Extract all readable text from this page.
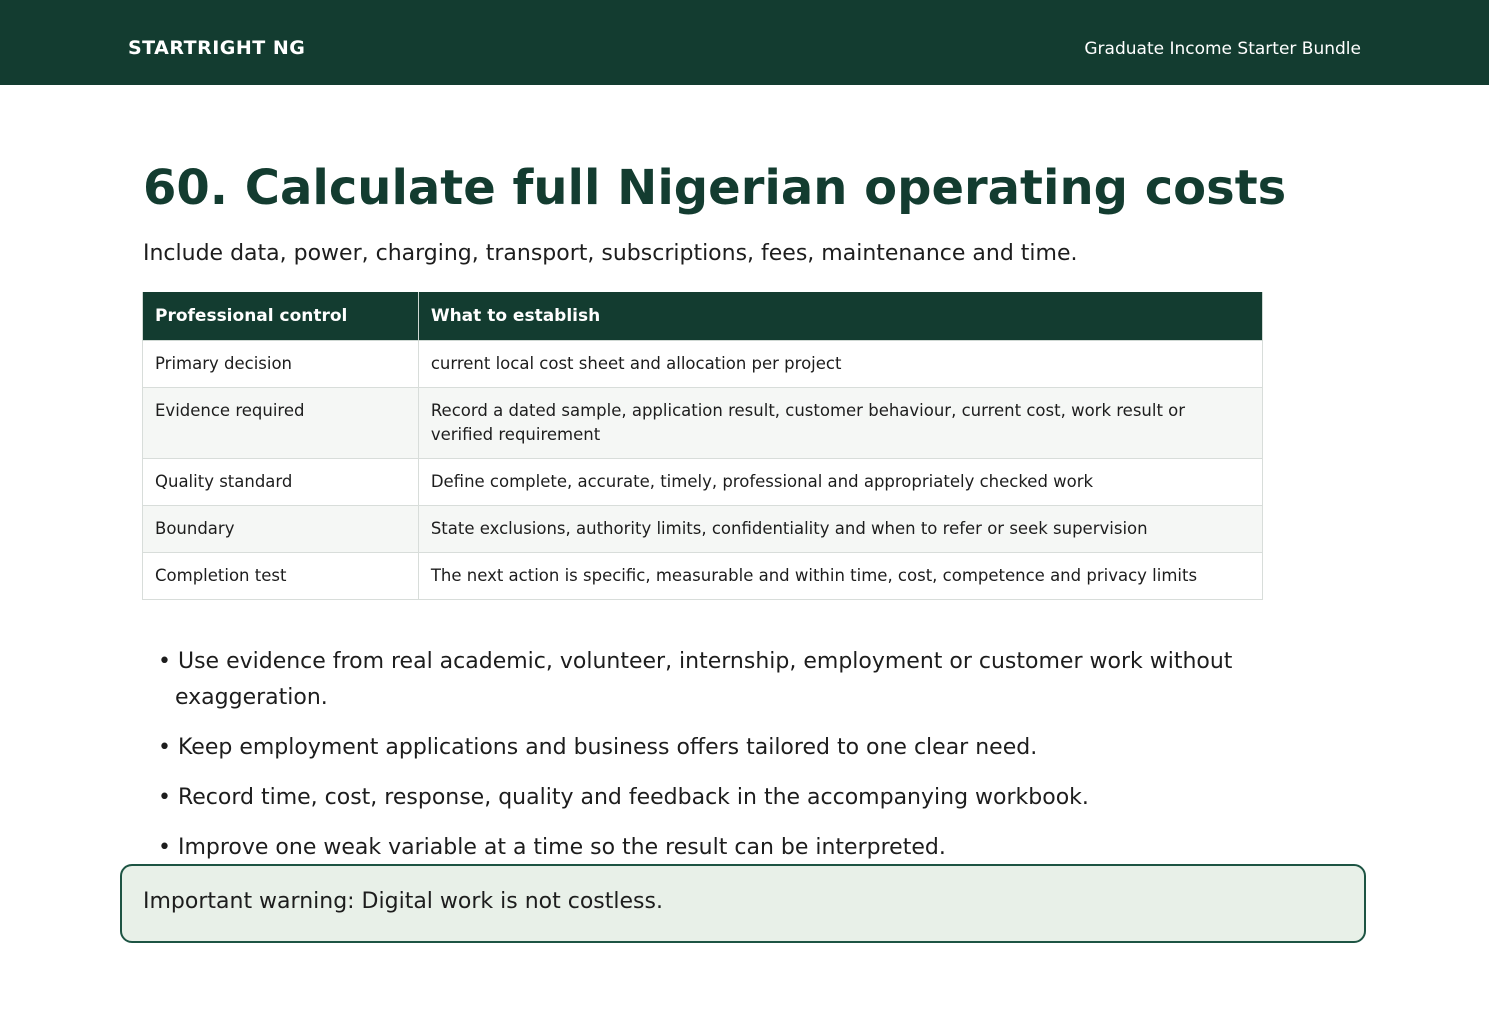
STARTRIGHT NG	Graduate Income Starter Bundle
60. Calculate full Nigerian operating costs
Include data, power, charging, transport, subscriptions, fees, maintenance and time.
Professional control	What to establish
Primary decision	current local cost sheet and allocation per project
Evidence required	Record a dated sample, application result, customer behaviour, current cost, work result or verified requirement
Quality standard	Define complete, accurate, timely, professional and appropriately checked work
Boundary	State exclusions, authority limits, confidentiality and when to refer or seek supervision
Completion test	The next action is specific, measurable and within time, cost, competence and privacy limits
• Use evidence from real academic, volunteer, internship, employment or customer work without exaggeration.
• Keep employment applications and business offers tailored to one clear need.
• Record time, cost, response, quality and feedback in the accompanying workbook.
• Improve one weak variable at a time so the result can be interpreted.
Important warning: Digital work is not costless.
